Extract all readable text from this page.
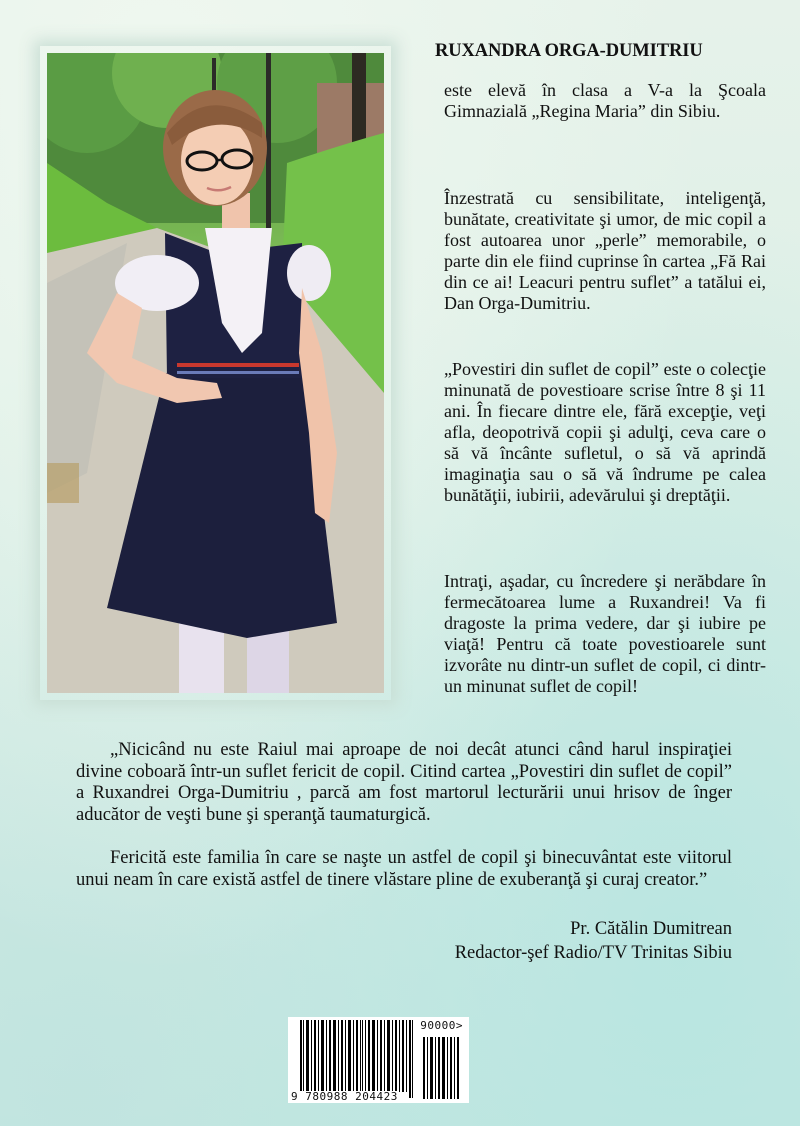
RUXANDRA ORGA-DUMITRIU

este elevă în clasa a V-a la Şcoala Gimnazială „Regina Maria” din Sibiu.

Înzestrată cu sensibilitate, inteligenţă, bunătate, creativitate şi umor, de mic copil a fost autoarea unor „perle” memorabile, o parte din ele fiind cuprinse în cartea „Fă Rai din ce ai! Leacuri pentru suflet” a tatălui ei, Dan Orga-Dumitriu.

„Povestiri din suflet de copil” este o colecţie minunată de povestioare scrise între 8 şi 11 ani. În fiecare dintre ele, fără excepţie, veţi afla, deopotrivă copii şi adulţi, ceva care o să vă încânte sufletul, o să vă aprindă imaginaţia sau o să vă îndrume pe calea bunătăţii, iubirii, adevărului şi dreptăţii.

Intraţi, aşadar, cu încredere şi nerăbdare în fermecătoarea lume a Ruxandrei! Va fi dragoste la prima vedere, dar şi iubire pe viaţă! Pentru că toate povestioarele sunt izvorâte nu dintr-un suflet de copil, ci dintr-un minunat suflet de copil!

„Nicicând nu este Raiul mai aproape de noi decât atunci când harul inspiraţiei divine coboară într-un suflet fericit de copil. Citind cartea „Povestiri din suflet de copil” a Ruxandrei Orga-Dumitriu , parcă am fost martorul lecturării unui hrisov de înger aducător de veşti bune şi speranţă taumaturgică.

Fericită este familia în care se naşte un astfel de copil şi binecuvântat este viitorul unui neam în care există astfel de tinere vlăstare pline de exuberanţă şi curaj creator.”

Pr. Cătălin Dumitrean
Redactor-şef Radio/TV Trinitas Sibiu
9 780988 204423
90000>
